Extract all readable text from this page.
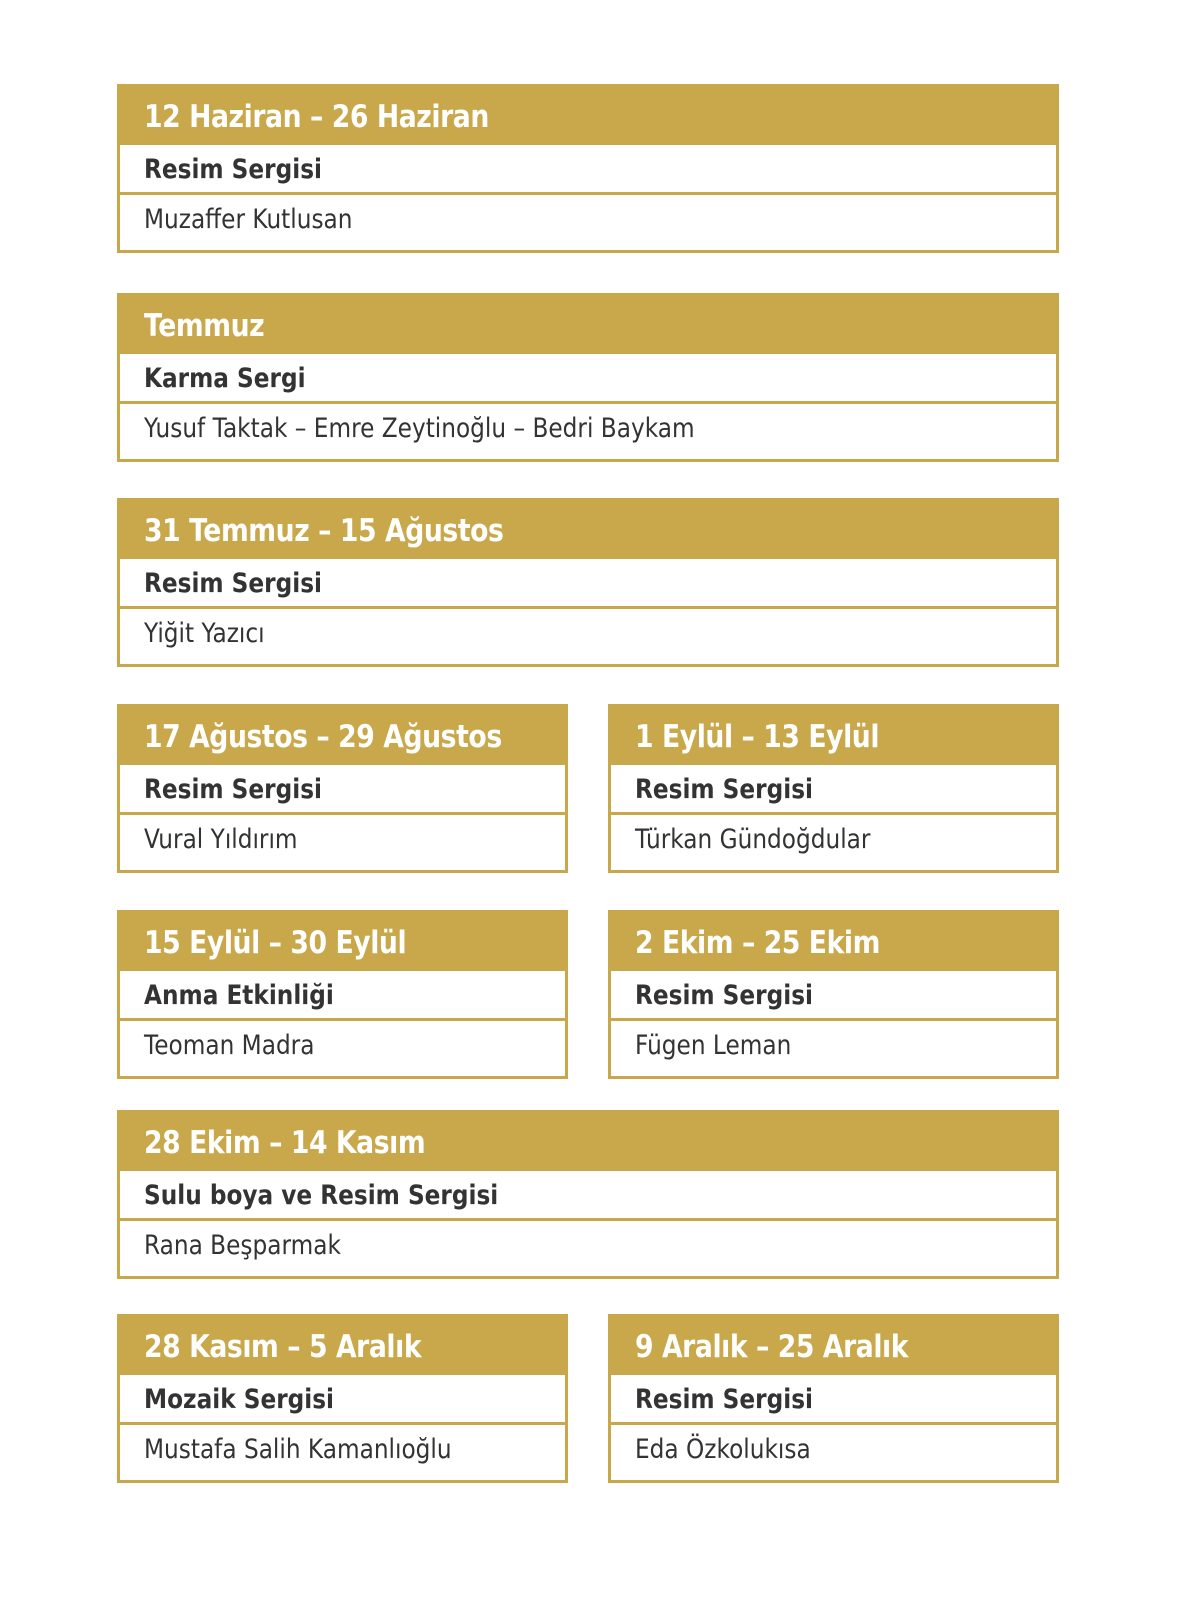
12 Haziran – 26 Haziran
Resim Sergisi
Muzaffer Kutlusan
Temmuz
Karma Sergi
Yusuf Taktak – Emre Zeytinoğlu – Bedri Baykam
31 Temmuz – 15 Ağustos
Resim Sergisi
Yiğit Yazıcı
17 Ağustos – 29 Ağustos
Resim Sergisi
Vural Yıldırım
1 Eylül – 13 Eylül
Resim Sergisi
Türkan Gündoğdular
15 Eylül – 30 Eylül
Anma Etkinliği
Teoman Madra
2 Ekim – 25 Ekim
Resim Sergisi
Fügen Leman
28 Ekim – 14 Kasım
Sulu boya ve Resim Sergisi
Rana Beşparmak
28 Kasım – 5 Aralık
Mozaik Sergisi
Mustafa Salih Kamanlıoğlu
9 Aralık – 25 Aralık
Resim Sergisi
Eda Özkolukısa
